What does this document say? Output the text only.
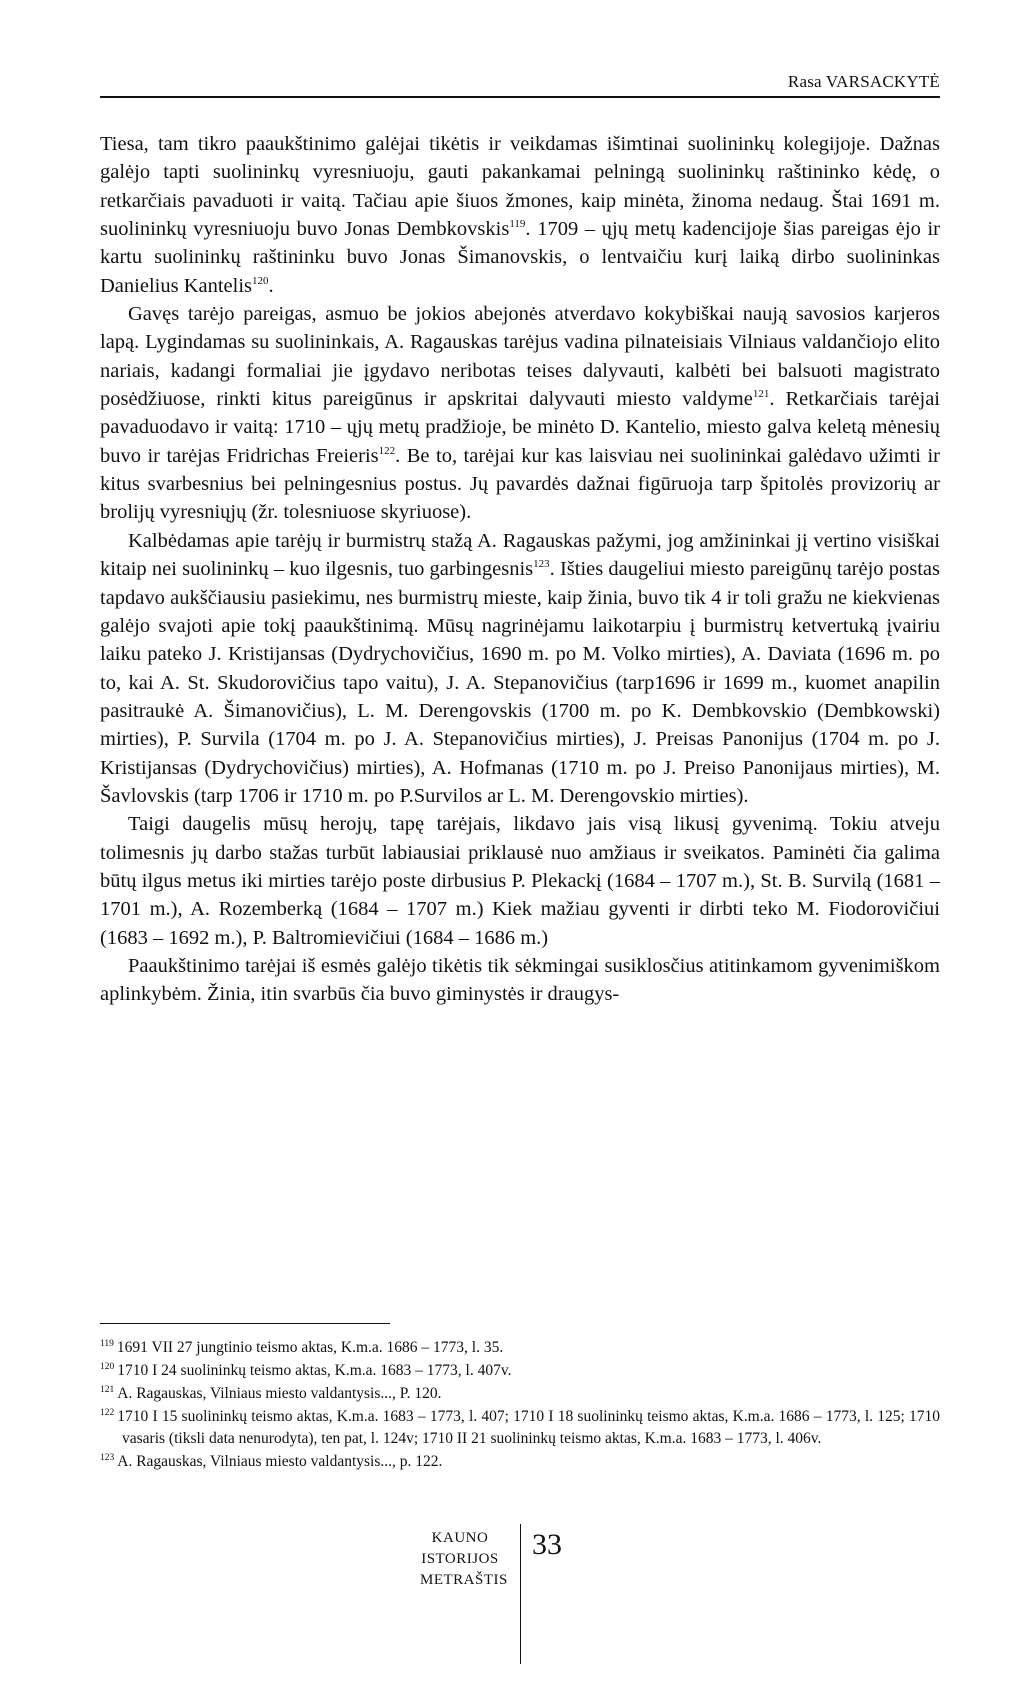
Rasa VARSACKYTĖ

Tiesa, tam tikro paaukštinimo galėjai tikėtis ir veikdamas išimtinai suolininkų kolegijoje. Dažnas galėjo tapti suolininkų vyresniuoju, gauti pakankamai pelningą suolininkų raštininko kėdę, o retkarčiais pavaduoti ir vaitą. Tačiau apie šiuos žmones, kaip minėta, žinoma nedaug. Štai 1691 m. suolininkų vyresniuoju buvo Jonas Dembkovskis$^{119}$. 1709 – ųjų metų kadencijoje šias pareigas ėjo ir kartu suolininkų raštininku buvo Jonas Šimanovskis, o lentvaičiu kurį laiką dirbo suolininkas Danielius Kantelis$^{120}$.

Gavęs tarėjo pareigas, asmuo be jokios abejonės atverdavo kokybiškai naują savosios karjeros lapą. Lygindamas su suolininkais, A. Ragauskas tarėjus vadina pilnateisiais Vilniaus valdančiojo elito nariais, kadangi formaliai jie įgydavo neribotas teises dalyvauti, kalbėti bei balsuoti magistrato posėdžiuose, rinkti kitus pareigūnus ir apskritai dalyvauti miesto valdyme$^{121}$. Retkarčiais tarėjai pavaduodavo ir vaitą: 1710 – ųjų metų pradžioje, be minėto D. Kantelio, miesto galva keletą mėnesių buvo ir tarėjas Fridrichas Freieris$^{122}$. Be to, tarėjai kur kas laisviau nei suolininkai galėdavo užimti ir kitus svarbesnius bei pelningesnius postus. Jų pavardės dažnai figūruoja tarp špitolės provizorių ar brolijų vyresniųjų (žr. tolesniuose skyriuose).

Kalbėdamas apie tarėjų ir burmistrų stažą A. Ragauskas pažymi, jog amžininkai jį vertino visiškai kitaip nei suolininkų – kuo ilgesnis, tuo garbingesnis$^{123}$. Išties daugeliui miesto pareigūnų tarėjo postas tapdavo aukščiausiu pasiekimu, nes burmistrų mieste, kaip žinia, buvo tik 4 ir toli gražu ne kiekvienas galėjo svajoti apie tokį paaukštinimą. Mūsų nagrinėjamu laikotarpiu į burmistrų ketvertuką įvairiu laiku pateko J. Kristijansas (Dydrychovičius, 1690 m. po M. Volko mirties), A. Daviata (1696 m. po to, kai A. St. Skudorovičius tapo vaitu), J. A. Stepanovičius (tarp1696 ir 1699 m., kuomet anapilin pasitraukė A. Šimanovičius), L. M. Derengovskis (1700 m. po K. Dembkovskio (Dembkowski) mirties), P. Survila (1704 m. po J. A. Stepanovičius mirties), J. Preisas Panonijus (1704 m. po J. Kristijansas (Dydrychovičius) mirties), A. Hofmanas (1710 m. po J. Preiso Panonijaus mirties), M. Šavlovskis (tarp 1706 ir 1710 m. po P.Survilos ar L. M. Derengovskio mirties).

Taigi daugelis mūsų herojų, tapę tarėjais, likdavo jais visą likusį gyvenimą. Tokiu atveju tolimesnis jų darbo stažas turbūt labiausiai priklausė nuo amžiaus ir sveikatos. Paminėti čia galima būtų ilgus metus iki mirties tarėjo poste dirbusius P. Plekackį (1684 – 1707 m.), St. B. Survilą (1681 – 1701 m.), A. Rozemberką (1684 – 1707 m.) Kiek mažiau gyventi ir dirbti teko M. Fiodorovičiui (1683 – 1692 m.), P. Baltromievičiui (1684 – 1686 m.)

Paaukštinimo tarėjai iš esmės galėjo tikėtis tik sėkmingai susiklosčius atitinkamom gyvenimiškom aplinkybėm. Žinia, itin svarbūs čia buvo giminystės ir draugys-

$^{119}$ 1691 VII 27 jungtinio teismo aktas, K.m.a. 1686 – 1773, l. 35.
$^{120}$ 1710 I 24 suolininkų teismo aktas, K.m.a. 1683 – 1773, l. 407v.
$^{121}$ A. Ragauskas, Vilniaus miesto valdantysis..., P. 120.
$^{122}$ 1710 I 15 suolininkų teismo aktas, K.m.a. 1683 – 1773, l. 407; 1710 I 18 suolininkų teismo aktas, K.m.a. 1686 – 1773, l. 125; 1710 vasaris (tiksli data nenurodyta), ten pat, l. 124v; 1710 II 21 suolininkų teismo aktas, K.m.a. 1683 – 1773, l. 406v.
$^{123}$ A. Ragauskas, Vilniaus miesto valdantysis..., p. 122.
KAUNO
ISTORIJOS
METRAŠTIS
33
